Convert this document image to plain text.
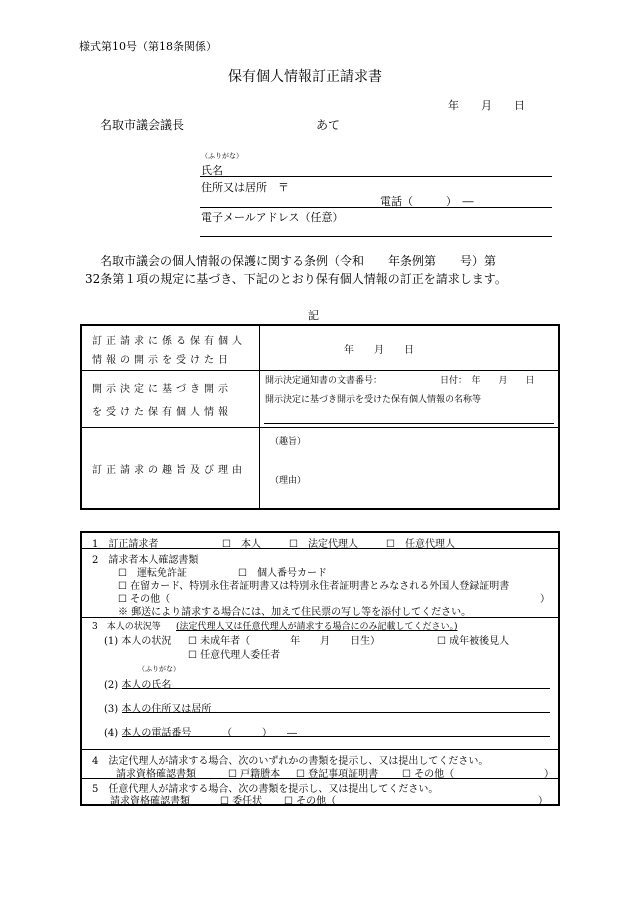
様式第10号（第18条関係）
保有個人情報訂正請求書
年　　月　　日
名取市議会議長	あて
（ふりがな）
氏名
住所又は居所　〒
電話（　　　）　―
電子メールアドレス（任意）
名取市議会の個人情報の保護に関する条例（令和　　年条例第　　号）第
32条第１項の規定に基づき、下記のとおり保有個人情報の訂正を請求します。
記
訂正請求に係る保有個人
情報の開示を受けた日
年　　月　　日
開示決定に基づき開示
を受けた保有個人情報
開示決定通知書の文書番号：	日付：　年　　月　　日
開示決定に基づき開示を受けた保有個人情報の名称等
訂正請求の趣旨及び理由
（趣旨）
（理由）
1　訂正請求者	☐　本人	☐　法定代理人	☐　任意代理人
2　請求者本人確認書類
☐　運転免許証	☐　個人番号カード
☐ 在留カード、特別永住者証明書又は特別永住者証明書とみなされる外国人登録証明書
☐ その他（	）
※ 郵送により請求する場合には、加えて住民票の写し等を添付してください。
3　本人の状況等 (法定代理人又は任意代理人が請求する場合にのみ記載してください。)
(1) 本人の状況 ☐ 未成年者（　　　　年　　月　　日生）	☐ 成年被後見人
☐ 任意代理人委任者
（ふりがな）
(2) 本人の氏名
(3) 本人の住所又は居所
(4) 本人の電話番号	（　　　）　　―
4　法定代理人が請求する場合、次のいずれかの書類を提示し、又は提出してください。
請求資格確認書類	☐ 戸籍謄本 ☐ 登記事項証明書 ☐ その他（	）
5　任意代理人が請求する場合、次の書類を提示し、又は提出してください。
請求資格確認書類	☐ 委任状 ☐ その他（	）
